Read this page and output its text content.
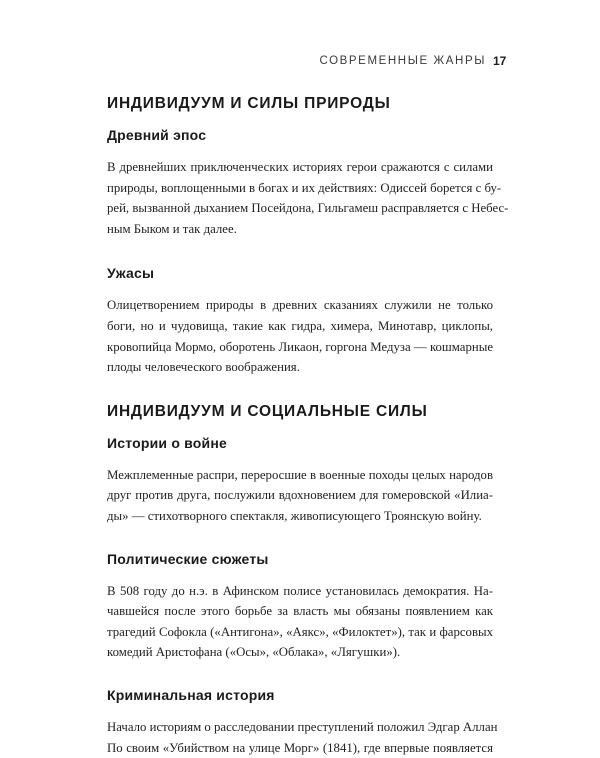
СОВРЕМЕННЫЕ ЖАНРЫ 17
ИНДИВИДУУМ И СИЛЫ ПРИРОДЫ
Древний эпос

В древнейших приключенческих историях герои сражаются с силами
природы, воплощенными в богах и их действиях: Одиссей борется с бу-
рей, вызванной дыханием Посейдона, Гильгамеш расправляется с Небес-
ным Быком и так далее.

Ужасы

Олицетворением природы в древних сказаниях служили не только
боги, но и чудовища, такие как гидра, химера, Минотавр, циклопы,
кровопийца Мормо, оборотень Ликаон, горгона Медуза — кошмарные
плоды человеческого воображения.

ИНДИВИДУУМ И СОЦИАЛЬНЫЕ СИЛЫ
Истории о войне

Межплеменные распри, переросшие в военные походы целых народов
друг против друга, послужили вдохновением для гомеровской «Илиа-
ды» — стихотворного спектакля, живописующего Троянскую войну.

Политические сюжеты

В 508 году до н.э. в Афинском полисе установилась демократия. На-
чавшейся после этого борьбе за власть мы обязаны появлением как
трагедий Софокла («Антигона», «Аякс», «Филоктет»), так и фарсовых
комедий Аристофана («Осы», «Облака», «Лягушки»).

Криминальная история

Начало историям о расследовании преступлений положил Эдгар Аллан
По своим «Убийством на улице Морг» (1841), где впервые появляется
